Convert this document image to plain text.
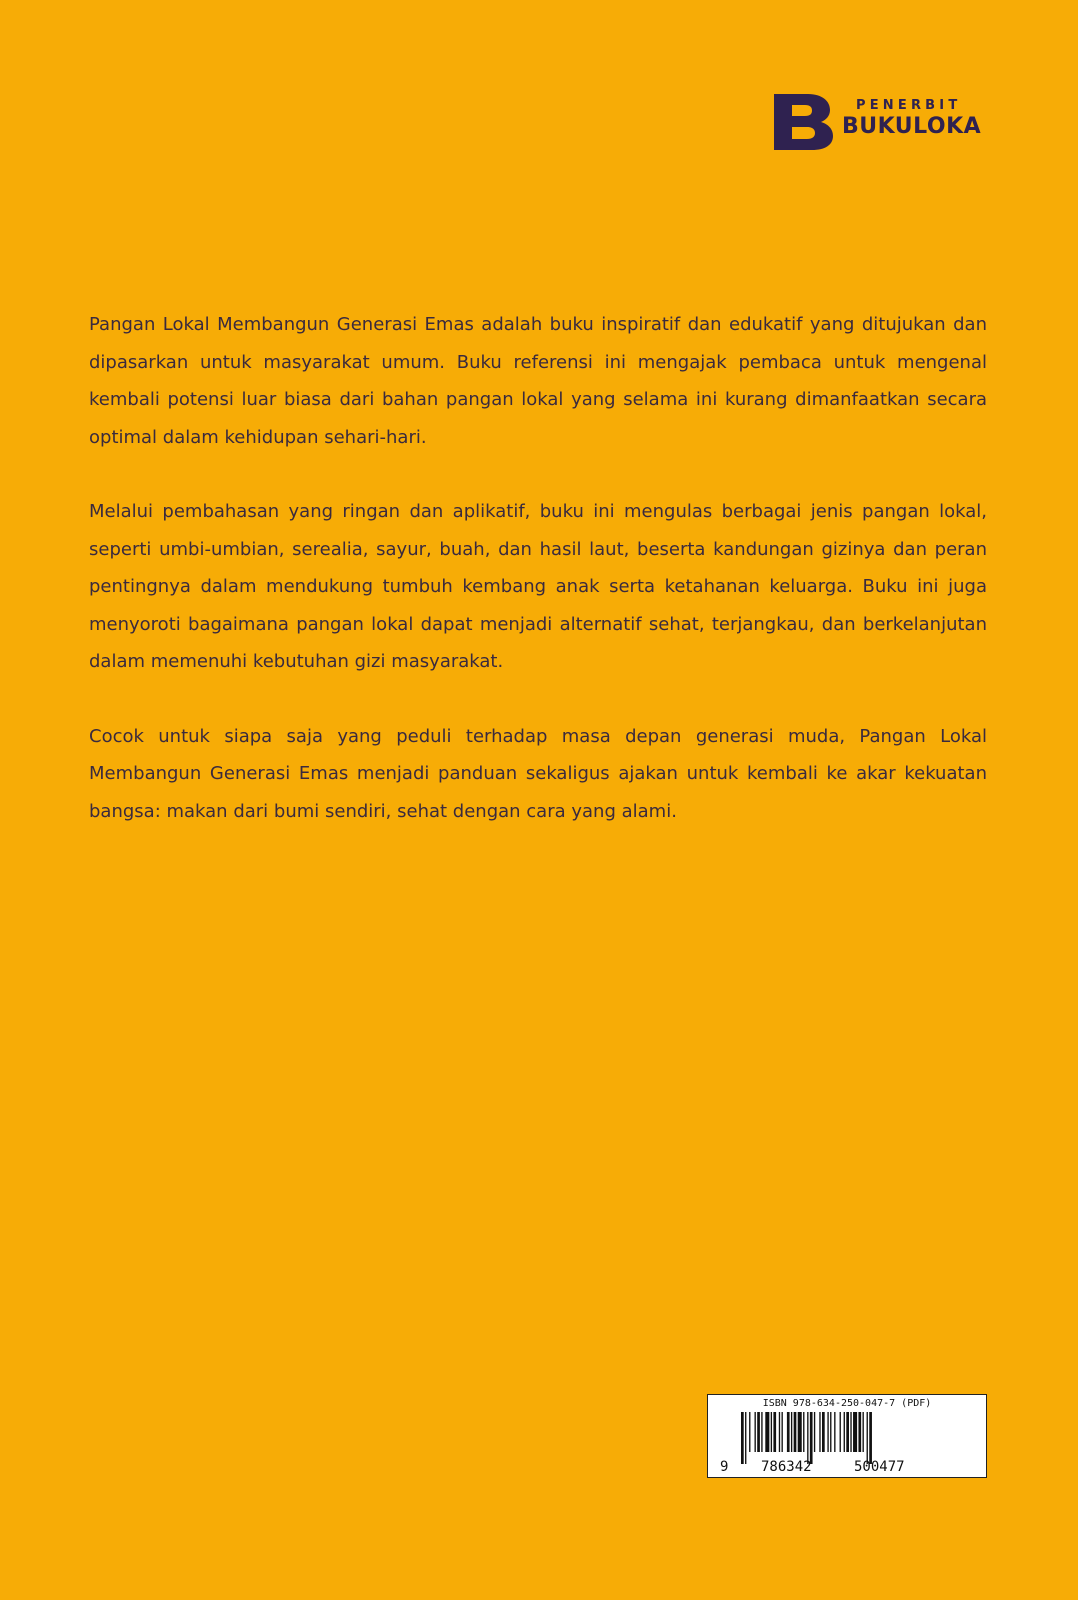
PENERBIT
BUKULOKA

Pangan Lokal Membangun Generasi Emas adalah buku inspiratif dan edukatif yang ditujukan dan dipasarkan untuk masyarakat umum. Buku referensi ini mengajak pembaca untuk mengenal kembali potensi luar biasa dari bahan pangan lokal yang selama ini kurang dimanfaatkan secara optimal dalam kehidupan sehari-hari.

Melalui pembahasan yang ringan dan aplikatif, buku ini mengulas berbagai jenis pangan lokal, seperti umbi-umbian, serealia, sayur, buah, dan hasil laut, beserta kandungan gizinya dan peran pentingnya dalam mendukung tumbuh kembang anak serta ketahanan keluarga. Buku ini juga menyoroti bagaimana pangan lokal dapat menjadi alternatif sehat, terjangkau, dan berkelanjutan dalam memenuhi kebutuhan gizi masyarakat.

Cocok untuk siapa saja yang peduli terhadap masa depan generasi muda, Pangan Lokal Membangun Generasi Emas menjadi panduan sekaligus ajakan untuk kembali ke akar kekuatan bangsa: makan dari bumi sendiri, sehat dengan cara yang alami.

ISBN 978-634-250-047-7 (PDF)
9 786342	500477
